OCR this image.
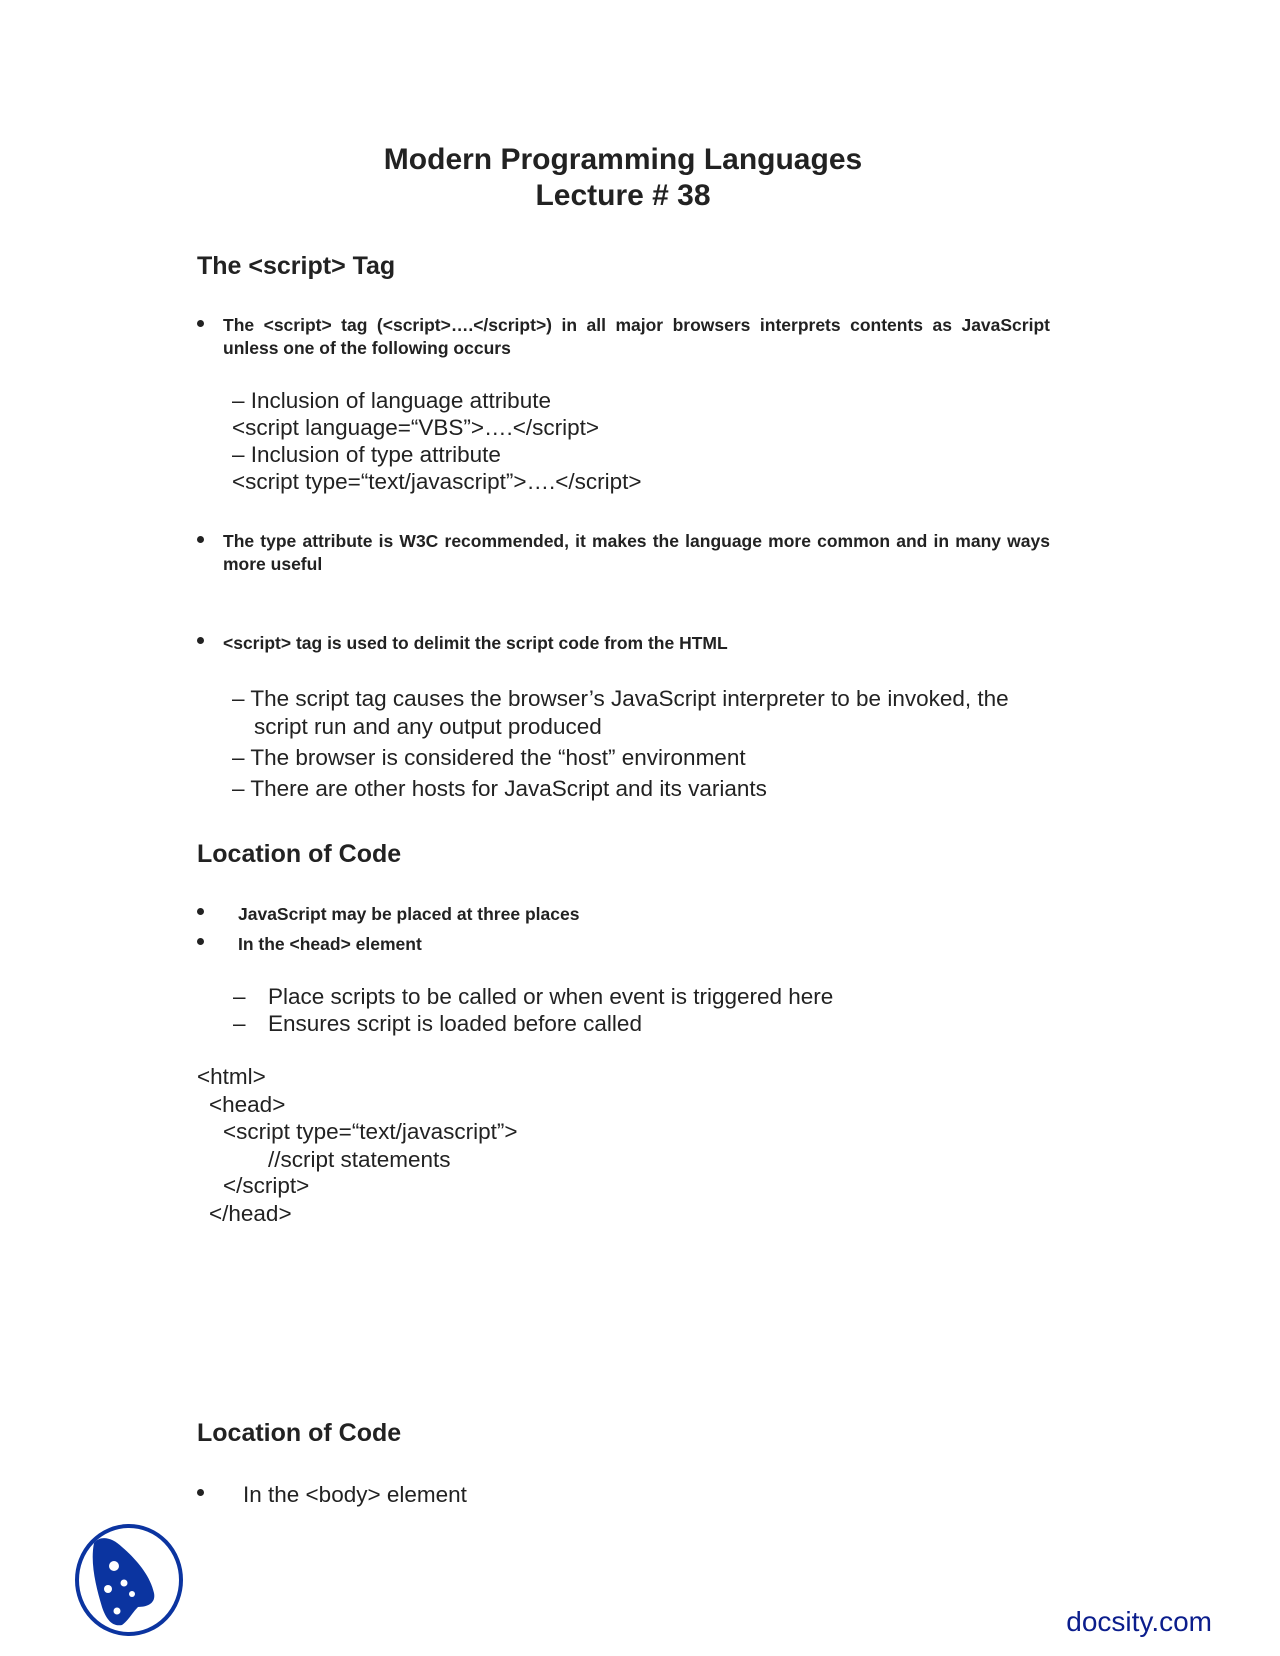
Modern Programming Languages
Lecture # 38
The <script> Tag
The <script> tag (<script>….</script>) in all major browsers interprets contents as JavaScript unless one of the following occurs
– Inclusion of language attribute
<script language=“VBS”>….</script>
– Inclusion of type attribute
<script type=“text/javascript”>….</script>
The type attribute is W3C recommended, it makes the language more common and in many ways more useful
<script> tag is used to delimit the script code from the HTML
– The script tag causes the browser’s JavaScript interpreter to be invoked, the
script run and any output produced
– The browser is considered the “host” environment
– There are other hosts for JavaScript and its variants
Location of Code
JavaScript may be placed at three places
In the <head> element
– Place scripts to be called or when event is triggered here
– Ensures script is loaded before called
<html>
<head>
<script type=“text/javascript”>
//script statements
</script>
</head>
Location of Code
In the <body> element
docsity.com
